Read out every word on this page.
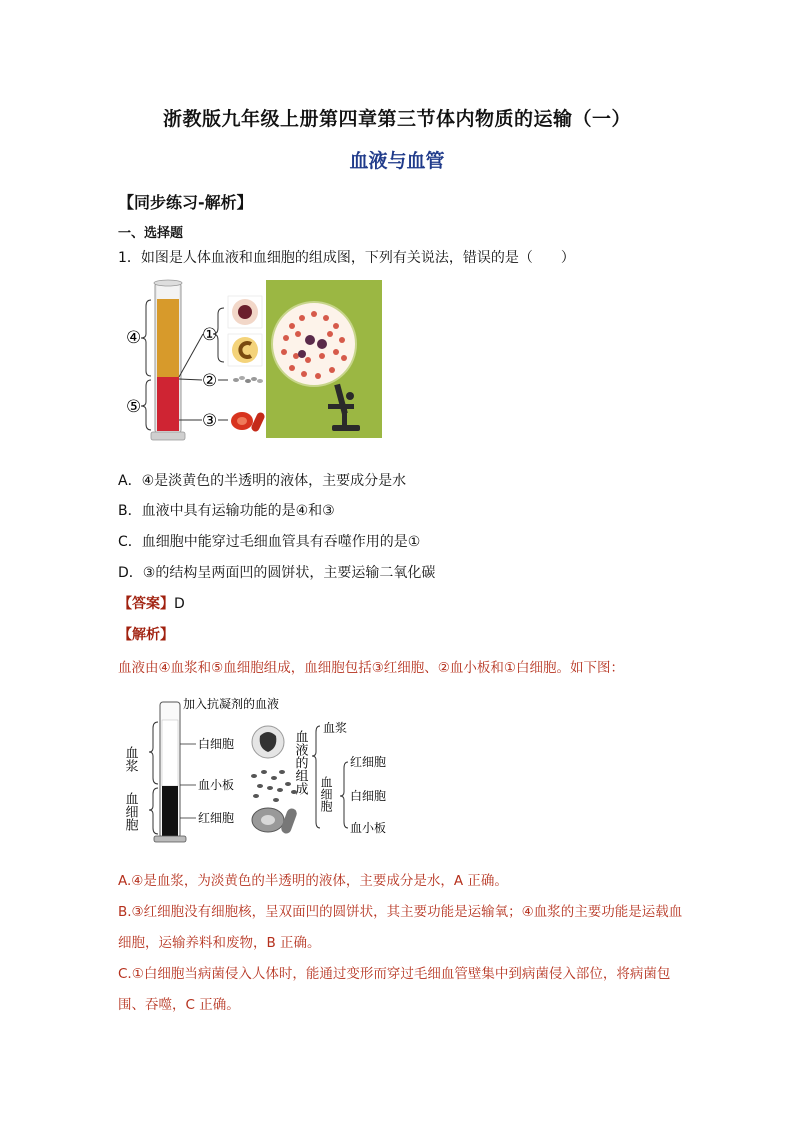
浙教版九年级上册第四章第三节体内物质的运输（一）
血液与血管
【同步练习-解析】
一、选择题
1．如图是人体血液和血细胞的组成图，下列有关说法，错误的是（　　）
④
⑤
①
②
③
A．④是淡黄色的半透明的液体，主要成分是水
B．血液中具有运输功能的是④和③
C．血细胞中能穿过毛细血管具有吞噬作用的是①
D．③的结构呈两面凹的圆饼状，主要运输二氧化碳
【答案】D
【解析】
血液由④血浆和⑤血细胞组成，血细胞包括③红细胞、②血小板和①白细胞。如下图：
加入抗凝剂的血液
血浆
血细胞
白细胞
血小板
红细胞
血液的组成
血浆
血细胞
红细胞
白细胞
血小板
A.④是血浆，为淡黄色的半透明的液体，主要成分是水，A 正确。
B.③红细胞没有细胞核，呈双面凹的圆饼状，其主要功能是运输氧；④血浆的主要功能是运载血细胞，运输养料和废物，B 正确。
C.①白细胞当病菌侵入人体时，能通过变形而穿过毛细血管壁集中到病菌侵入部位，将病菌包围、吞噬，C 正确。
